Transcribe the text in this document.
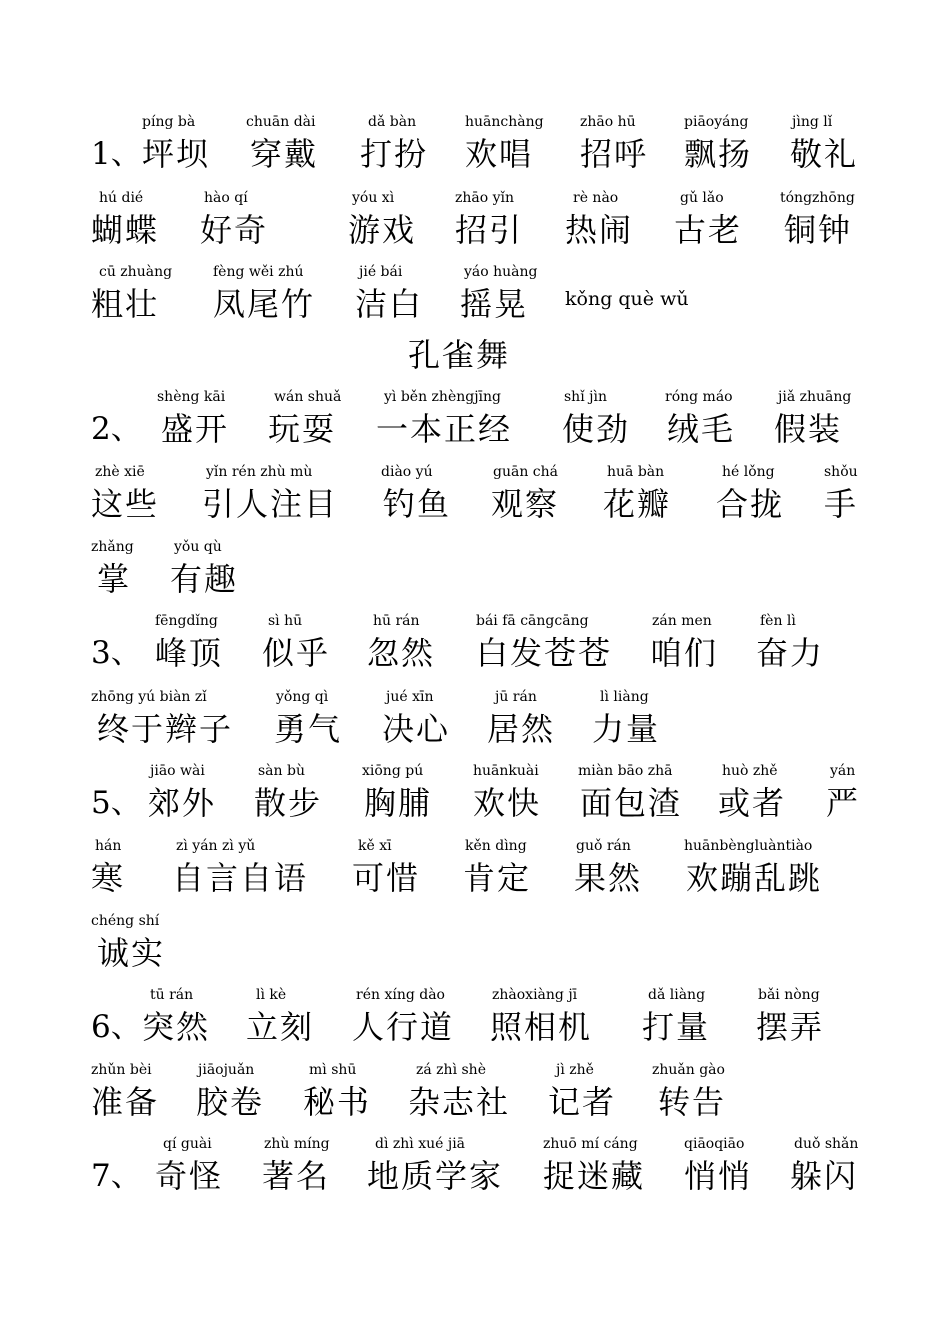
1、
píng bà
坪坝
chuān dài
穿戴
dǎ bàn
打扮
huānchàng
欢唱
zhāo hū
招呼
piāoyáng
飘扬
jìng lǐ
敬礼
hú dié
蝴蝶
hào qí
好奇
yóu xì
游戏
zhāo yǐn
招引
rè nào
热闹
gǔ lǎo
古老
tóngzhōng
铜钟
cū zhuàng
粗壮
fèng wěi zhú
凤尾竹
jié bái
洁白
yáo huàng
摇晃 kǒng què wǔ
孔雀舞
2、
shèng kāi
盛开
wán shuǎ
玩耍
yì běn zhèngjīng
一本正经
shǐ jìn
使劲
róng máo
绒毛
jiǎ zhuāng
假装
zhè xiē
这些
yǐn rén zhù mù
引人注目
diào yú
钓鱼
guān chá
观察
huā bàn
花瓣
hé lǒng
合拢
shǒu
手
zhǎng
掌
yǒu qù
有趣
3、
fēngdǐng
峰顶
sì hū
似乎
hū rán
忽然
bái fā cāngcāng
白发苍苍
zán men
咱们
fèn lì
奋力
zhōng yú biàn zǐ
终于辫子
yǒng qì
勇气
jué xīn
决心
jū rán
居然
lì liàng
力量
5、
jiāo wài
郊外
sàn bù
散步
xiōng pú
胸脯
huānkuài
欢快
miàn bāo zhā
面包渣
huò zhě
或者
yán
严
hán
寒
zì yán zì yǔ
自言自语
kě xī
可惜
kěn dìng
肯定
guǒ rán
果然
huānbèngluàntiào
欢蹦乱跳
chéng shí
诚实
6、
tū rán
突然
lì kè
立刻
rén xíng dào
人行道
zhàoxiàng jī
照相机
dǎ liàng
打量
bǎi nòng
摆弄
zhǔn bèi
准备
jiāojuǎn
胶卷
mì shū
秘书
zá zhì shè
杂志社
jì zhě
记者
zhuǎn gào
转告
7、
qí guài
奇怪
zhù míng
著名
dì zhì xué jiā
地质学家
zhuō mí cáng
捉迷藏
qiāoqiāo
悄悄
duǒ shǎn
躲闪
